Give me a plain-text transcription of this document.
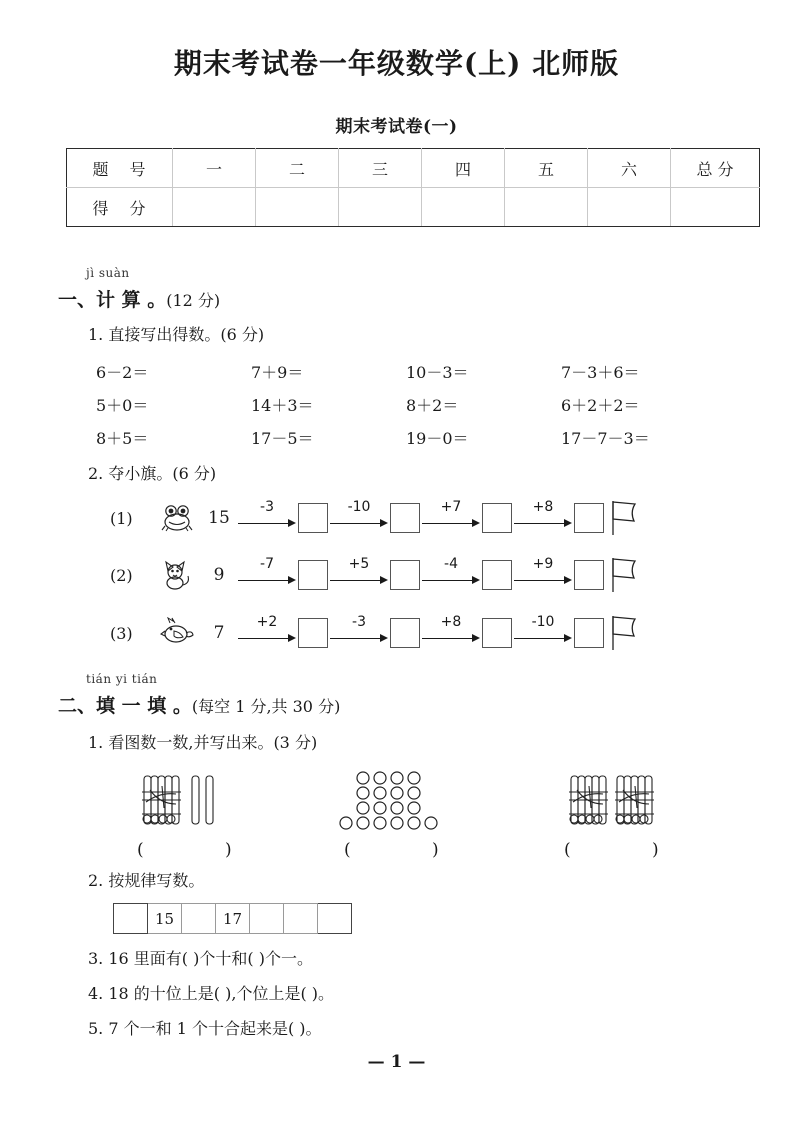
期末考试卷一年级数学(上) 北师版
期末考试卷(一)
题 号	一	二	三	四	五	六	总 分
得 分							
jì suàn
一、计 算 。(12 分)
1. 直接写出得数。(6 分)
6－2＝	7＋9＝	10－3＝	7－3＋6＝
5＋0＝	14＋3＝	8＋2＝	6＋2＋2＝
8＋5＝	17－5＝	19－0＝	17－7－3＝
2. 夺小旗。(6 分)
(1)	15
-3	-10	+7	+8
(2)	9
-7	+5	-4	+9
(3)	7
+2	-3	+8	-10
tián yi tián
二、填 一 填 。(每空 1 分,共 30 分)
1. 看图数一数,并写出来。(3 分)
( )	( )	( )
2. 按规律写数。
	15		17			
3. 16 里面有( )个十和( )个一。
4. 18 的十位上是( ),个位上是( )。
5. 7 个一和 1 个十合起来是( )。
— 1 —
